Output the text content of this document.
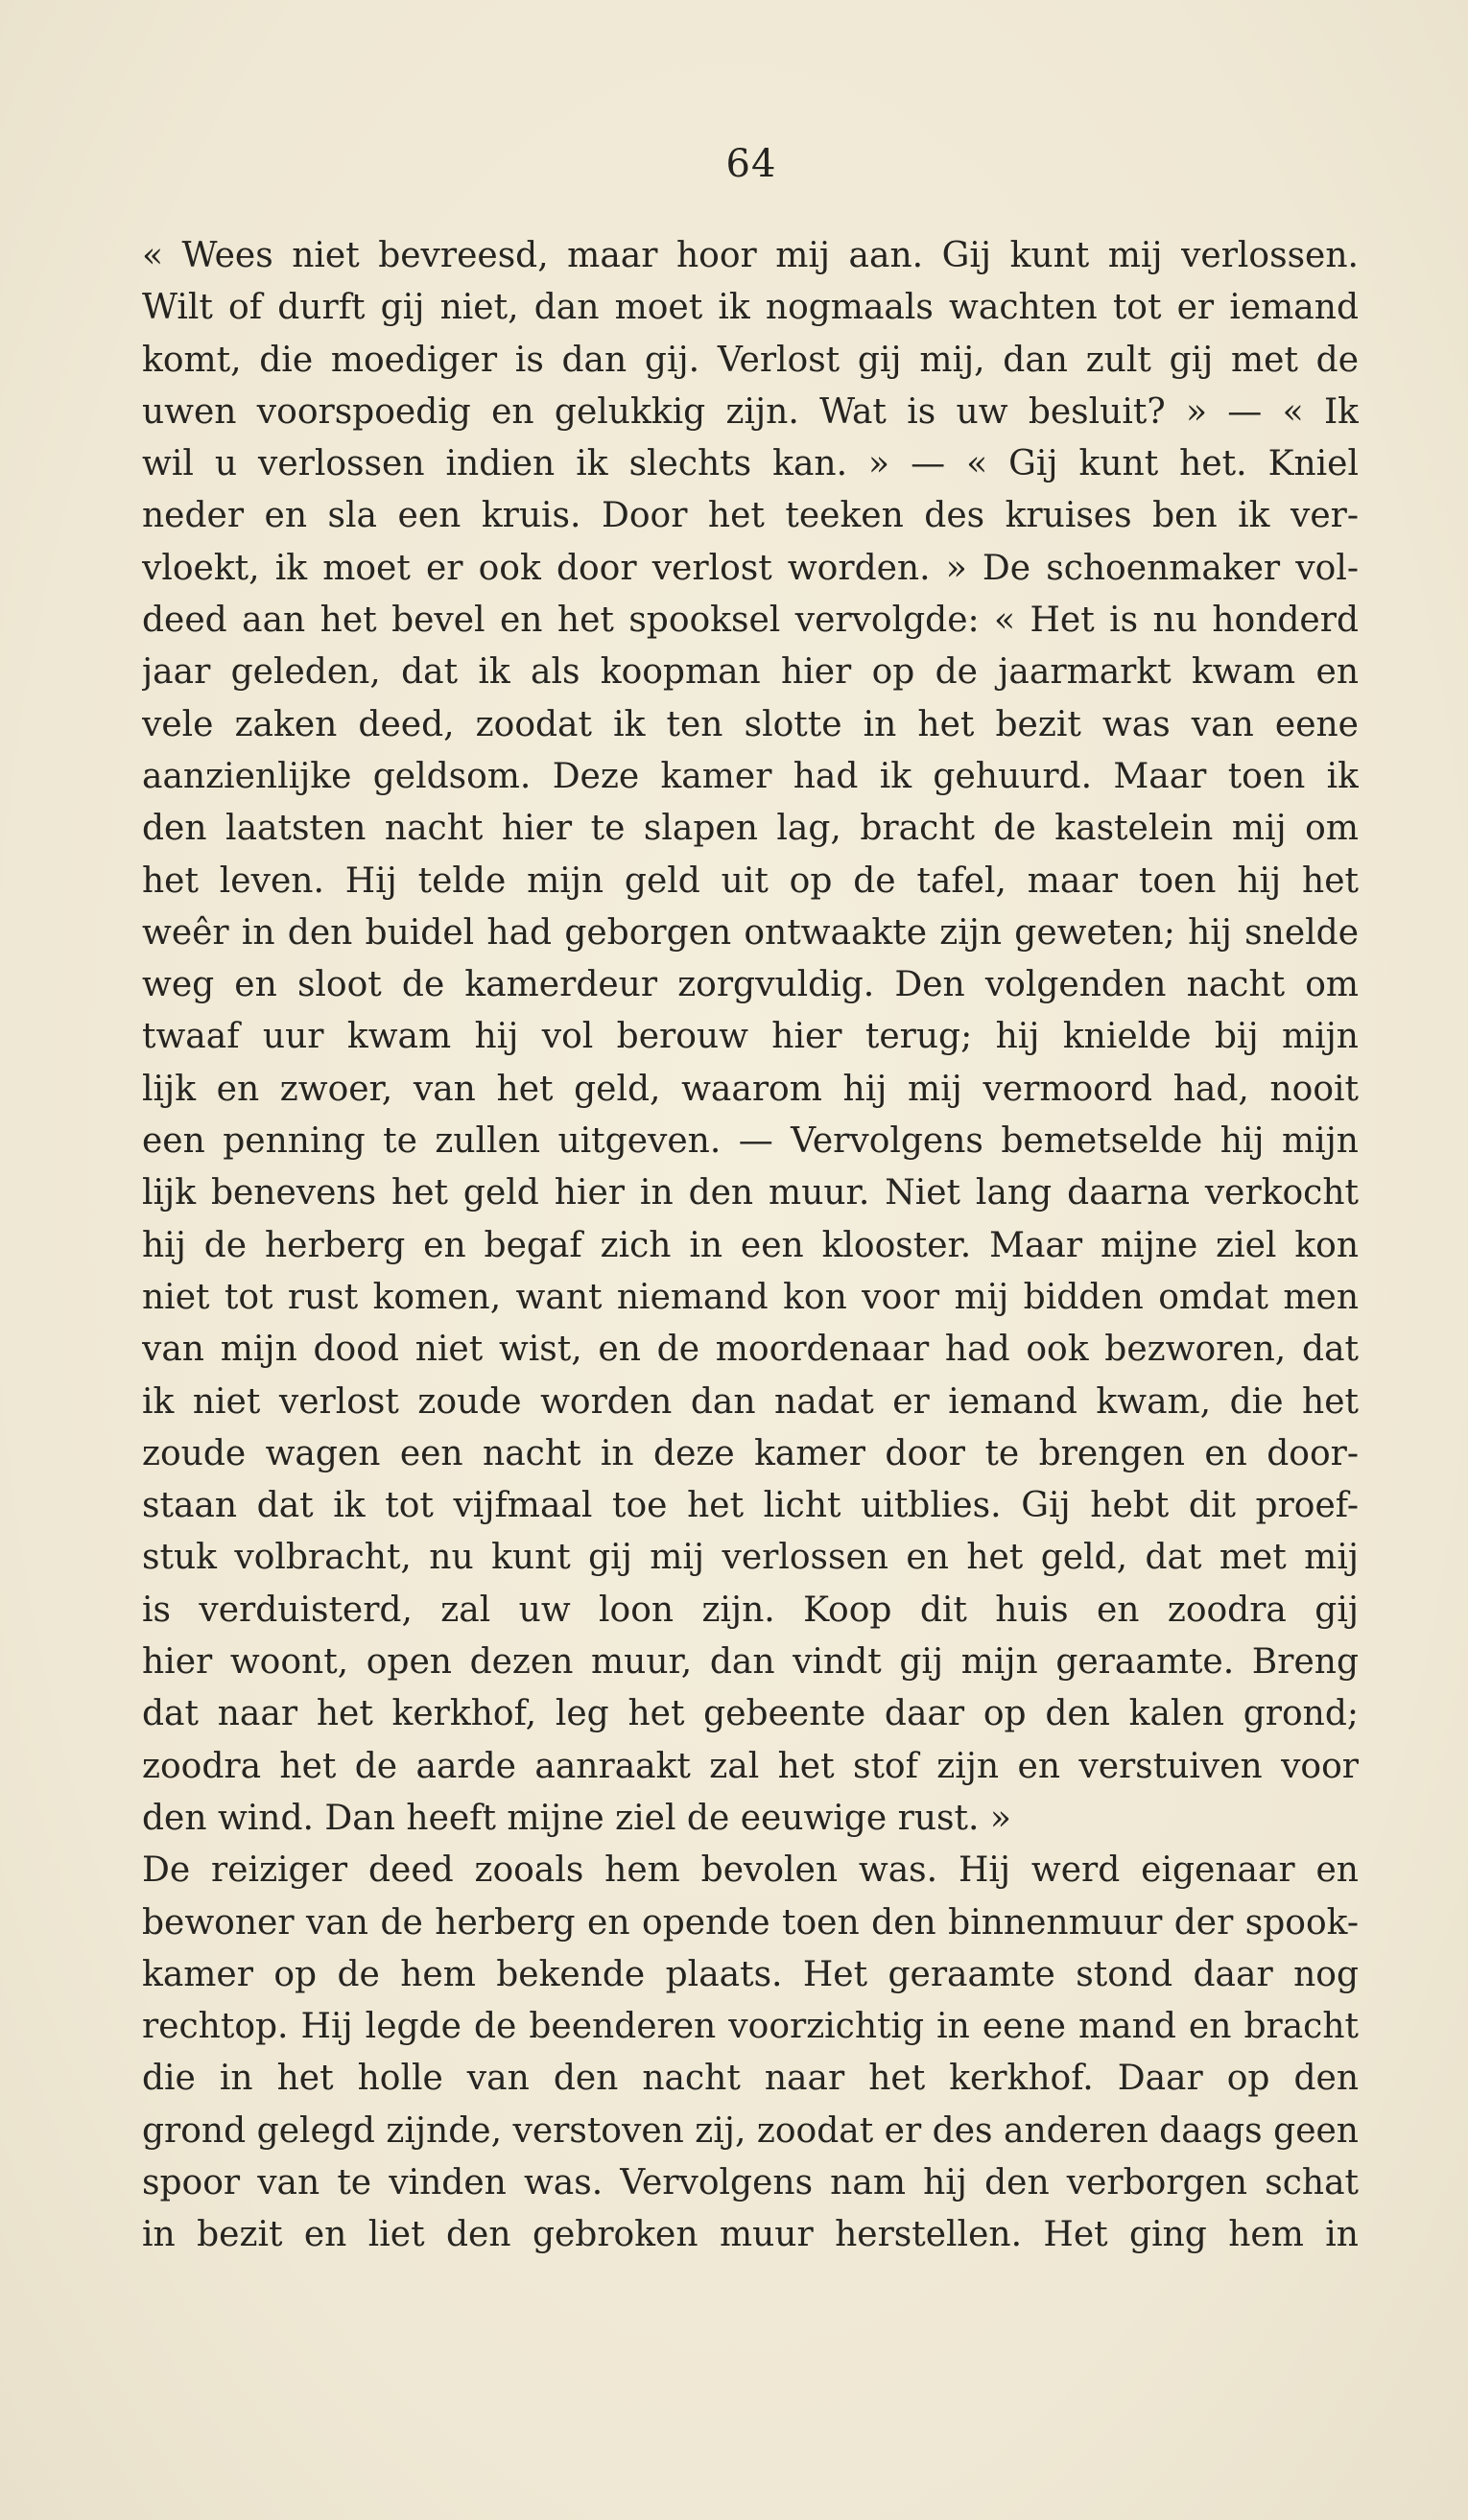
64
« Wees niet bevreesd, maar hoor mij aan. Gij kunt mij verlossen.
Wilt of durft gij niet, dan moet ik nogmaals wachten tot er iemand
komt, die moediger is dan gij. Verlost gij mij, dan zult gij met de
uwen voorspoedig en gelukkig zijn. Wat is uw besluit? » — « Ik
wil u verlossen indien ik slechts kan. » — « Gij kunt het. Kniel
neder en sla een kruis. Door het teeken des kruises ben ik ver-
vloekt, ik moet er ook door verlost worden. » De schoenmaker vol-
deed aan het bevel en het spooksel vervolgde: « Het is nu honderd
jaar geleden, dat ik als koopman hier op de jaarmarkt kwam en
vele zaken deed, zoodat ik ten slotte in het bezit was van eene
aanzienlijke geldsom. Deze kamer had ik gehuurd. Maar toen ik
den laatsten nacht hier te slapen lag, bracht de kastelein mij om
het leven. Hij telde mijn geld uit op de tafel, maar toen hij het
weêr in den buidel had geborgen ontwaakte zijn geweten; hij snelde
weg en sloot de kamerdeur zorgvuldig. Den volgenden nacht om
twaaf uur kwam hij vol berouw hier terug; hij knielde bij mijn
lijk en zwoer, van het geld, waarom hij mij vermoord had, nooit
een penning te zullen uitgeven. — Vervolgens bemetselde hij mijn
lijk benevens het geld hier in den muur. Niet lang daarna verkocht
hij de herberg en begaf zich in een klooster. Maar mijne ziel kon
niet tot rust komen, want niemand kon voor mij bidden omdat men
van mijn dood niet wist, en de moordenaar had ook bezworen, dat
ik niet verlost zoude worden dan nadat er iemand kwam, die het
zoude wagen een nacht in deze kamer door te brengen en door-
staan dat ik tot vijfmaal toe het licht uitblies. Gij hebt dit proef-
stuk volbracht, nu kunt gij mij verlossen en het geld, dat met mij
is verduisterd, zal uw loon zijn. Koop dit huis en zoodra gij
hier woont, open dezen muur, dan vindt gij mijn geraamte. Breng
dat naar het kerkhof, leg het gebeente daar op den kalen grond;
zoodra het de aarde aanraakt zal het stof zijn en verstuiven voor
den wind. Dan heeft mijne ziel de eeuwige rust. »
De reiziger deed zooals hem bevolen was. Hij werd eigenaar en
bewoner van de herberg en opende toen den binnenmuur der spook-
kamer op de hem bekende plaats. Het geraamte stond daar nog
rechtop. Hij legde de beenderen voorzichtig in eene mand en bracht
die in het holle van den nacht naar het kerkhof. Daar op den
grond gelegd zijnde, verstoven zij, zoodat er des anderen daags geen
spoor van te vinden was. Vervolgens nam hij den verborgen schat
in bezit en liet den gebroken muur herstellen. Het ging hem in
